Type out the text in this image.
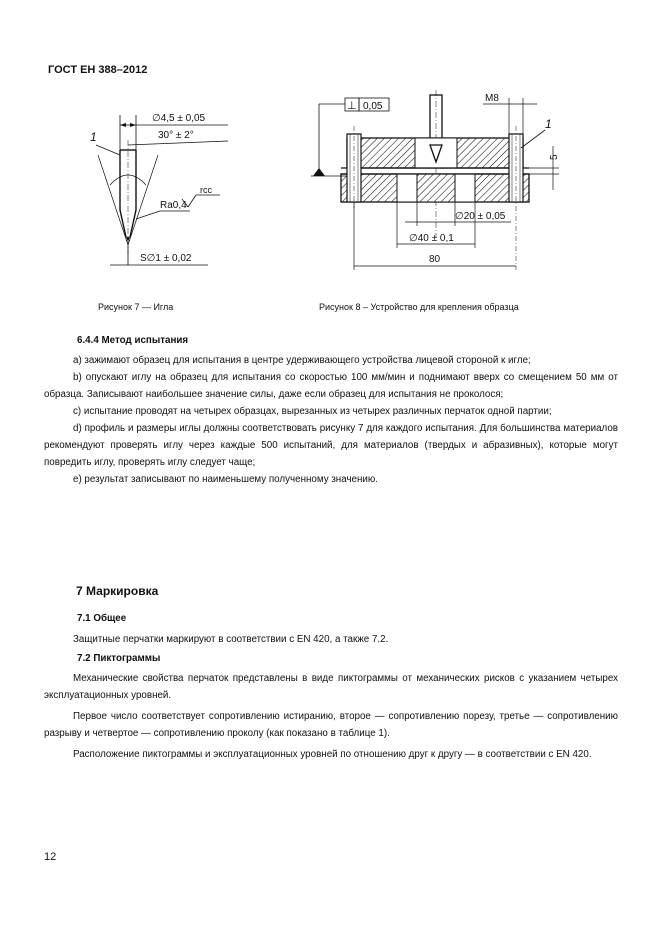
ГОСТ EH 388–2012
∅4,5 ± 0,05
30° ± 2°
1
rcc
Ra0,4
S∅1 ± 0,02
Рисунок 7 — Игла
⊥ 0,05
M8
1
5
∅20 ± 0,05
∅40 ± 0,1
80
Рисунок 8 – Устройство для крепления образца

6.4.4 Метод испытания

а) зажимают образец для испытания в центре удерживающего устройства лицевой стороной к игле;

b) опускают иглу на образец для испытания со скоростью 100 мм/мин и поднимают вверх со смещением 50 мм от образца. Записывают наибольшее значение силы, даже если образец для испытания не проколося;

c) испытание проводят на четырех образцах, вырезанных из четырех различных перчаток одной партии;

d) профиль и размеры иглы должны соответствовать рисунку 7 для каждого испытания. Для большинства материалов рекомендуют проверять иглу через каждые 500 испытаний, для материалов (твердых и абразивных), которые могут повредить иглу, проверять иглу следует чаще;

e) результат записывают по наименьшему полученному значению.

7 Маркировка

7.1 Общее

Защитные перчатки маркируют в соответствии с EN 420, а также 7.2.

7.2 Пиктограммы

Механические свойства перчаток представлены в виде пиктограммы от механических рисков с указанием четырех эксплуатационных уровней.

Первое число соответствует сопротивлению истиранию, второе — сопротивлению порезу, третье — сопротивлению разрыву и четвертое — сопротивлению проколу (как показано в таблице 1).

Расположение пиктограммы и эксплуатационных уровней по отношению друг к другу — в соответствии с EN 420.

12
